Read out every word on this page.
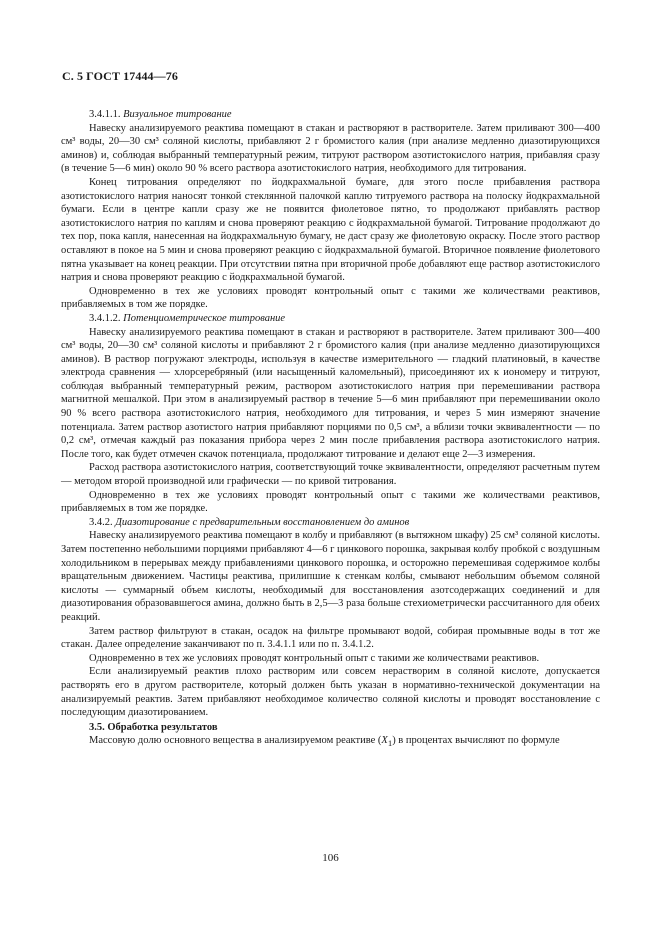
С. 5 ГОСТ 17444—76

3.4.1.1. Визуальное титрование

Навеску анализируемого реактива помещают в стакан и растворяют в растворителе. Затем приливают 300—400 см³ воды, 20—30 см³ соляной кислоты, прибавляют 2 г бромистого калия (при анализе медленно диазотирующихся аминов) и, соблюдая выбранный температурный режим, титруют раствором азотистокислого натрия, прибавляя сразу (в течение 5—6 мин) около 90 % всего раствора азотистокислого натрия, необходимого для титрования.

Конец титрования определяют по йодкрахмальной бумаге, для этого после прибавления раствора азотистокислого натрия наносят тонкой стеклянной палочкой каплю титруемого раствора на полоску йодкрахмальной бумаги. Если в центре капли сразу же не появится фиолетовое пятно, то продолжают прибавлять раствор азотистокислого натрия по каплям и снова проверяют реакцию с йодкрахмальной бумагой. Титрование продолжают до тех пор, пока капля, нанесенная на йодкрахмальную бумагу, не даст сразу же фиолетовую окраску. После этого раствор оставляют в покое на 5 мин и снова проверяют реакцию с йодкрахмальной бумагой. Вторичное появление фиолетового пятна указывает на конец реакции. При отсутствии пятна при вторичной пробе добавляют еще раствор азотистокислого натрия и снова проверяют реакцию с йодкрахмальной бумагой.

Одновременно в тех же условиях проводят контрольный опыт с такими же количествами реактивов, прибавляемых в том же порядке.

3.4.1.2. Потенциометрическое титрование

Навеску анализируемого реактива помещают в стакан и растворяют в растворителе. Затем приливают 300—400 см³ воды, 20—30 см³ соляной кислоты и прибавляют 2 г бромистого калия (при анализе медленно диазотирующихся аминов). В раствор погружают электроды, используя в качестве измерительного — гладкий платиновый, в качестве электрода сравнения — хлорсеребряный (или насыщенный каломельный), присоединяют их к иономеру и титруют, соблюдая выбранный температурный режим, раствором азотистокислого натрия при перемешивании раствора магнитной мешалкой. При этом в анализируемый раствор в течение 5—6 мин прибавляют при перемешивании около 90 % всего раствора азотистокислого натрия, необходимого для титрования, и через 5 мин измеряют значение потенциала. Затем раствор азотистого натрия прибавляют порциями по 0,5 см³, а вблизи точки эквивалентности — по 0,2 см³, отмечая каждый раз показания прибора через 2 мин после прибавления раствора азотистокислого натрия. После того, как будет отмечен скачок потенциала, продолжают титрование и делают еще 2—3 измерения.

Расход раствора азотистокислого натрия, соответствующий точке эквивалентности, определяют расчетным путем — методом второй производной или графически — по кривой титрования.

Одновременно в тех же условиях проводят контрольный опыт с такими же количествами реактивов, прибавляемых в том же порядке.

3.4.2. Диазотирование с предварительным восстановлением до аминов

Навеску анализируемого реактива помещают в колбу и прибавляют (в вытяжном шкафу) 25 см³ соляной кислоты. Затем постепенно небольшими порциями прибавляют 4—6 г цинкового порошка, закрывая колбу пробкой с воздушным холодильником в перерывах между прибавлениями цинкового порошка, и осторожно перемешивая содержимое колбы вращательным движением. Частицы реактива, прилипшие к стенкам колбы, смывают небольшим объемом соляной кислоты — суммарный объем кислоты, необходимый для восстановления азотсодержащих соединений и для диазотирования образовавшегося амина, должно быть в 2,5—3 раза больше стехиометрически рассчитанного для обеих реакций.

Затем раствор фильтруют в стакан, осадок на фильтре промывают водой, собирая промывные воды в тот же стакан. Далее определение заканчивают по п. 3.4.1.1 или по п. 3.4.1.2.

Одновременно в тех же условиях проводят контрольный опыт с такими же количествами реактивов.

Если анализируемый реактив плохо растворим или совсем нерастворим в соляной кислоте, допускается растворять его в другом растворителе, который должен быть указан в нормативно-технической документации на анализируемый реактив. Затем прибавляют необходимое количество соляной кислоты и проводят восстановление с последующим диазотированием.

3.5. Обработка результатов

Массовую долю основного вещества в анализируемом реактиве $(X_1)$ в процентах вычисляют по формуле

106
